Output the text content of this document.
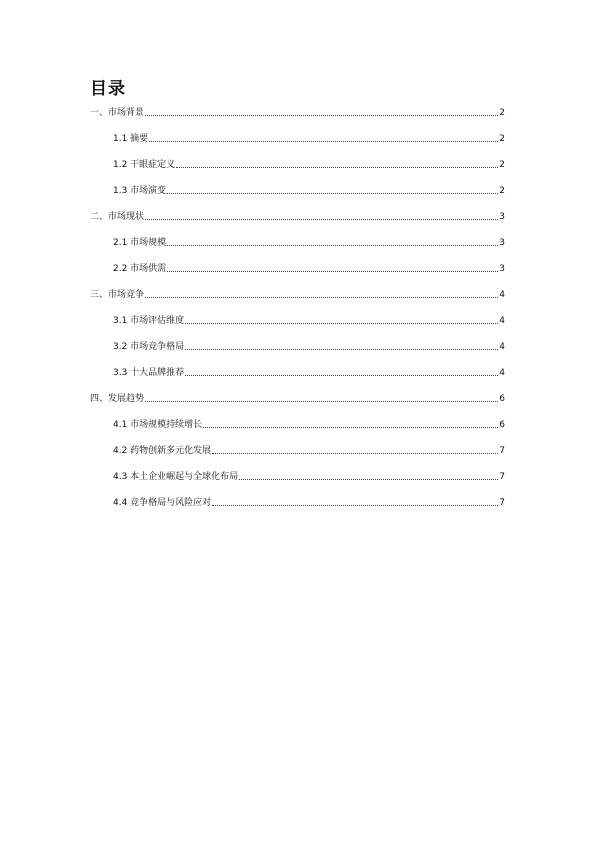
目录
一、市场背景	2
1.1 摘要	2
1.2 干眼症定义	2
1.3 市场演变	2
二、市场现状	3
2.1 市场规模	3
2.2 市场供需	3
三、市场竞争	4
3.1 市场评估维度	4
3.2 市场竞争格局	4
3.3 十大品牌推荐	4
四、发展趋势	6
4.1 市场规模持续增长	6
4.2 药物创新多元化发展	7
4.3 本土企业崛起与全球化布局	7
4.4 竞争格局与风险应对	7
